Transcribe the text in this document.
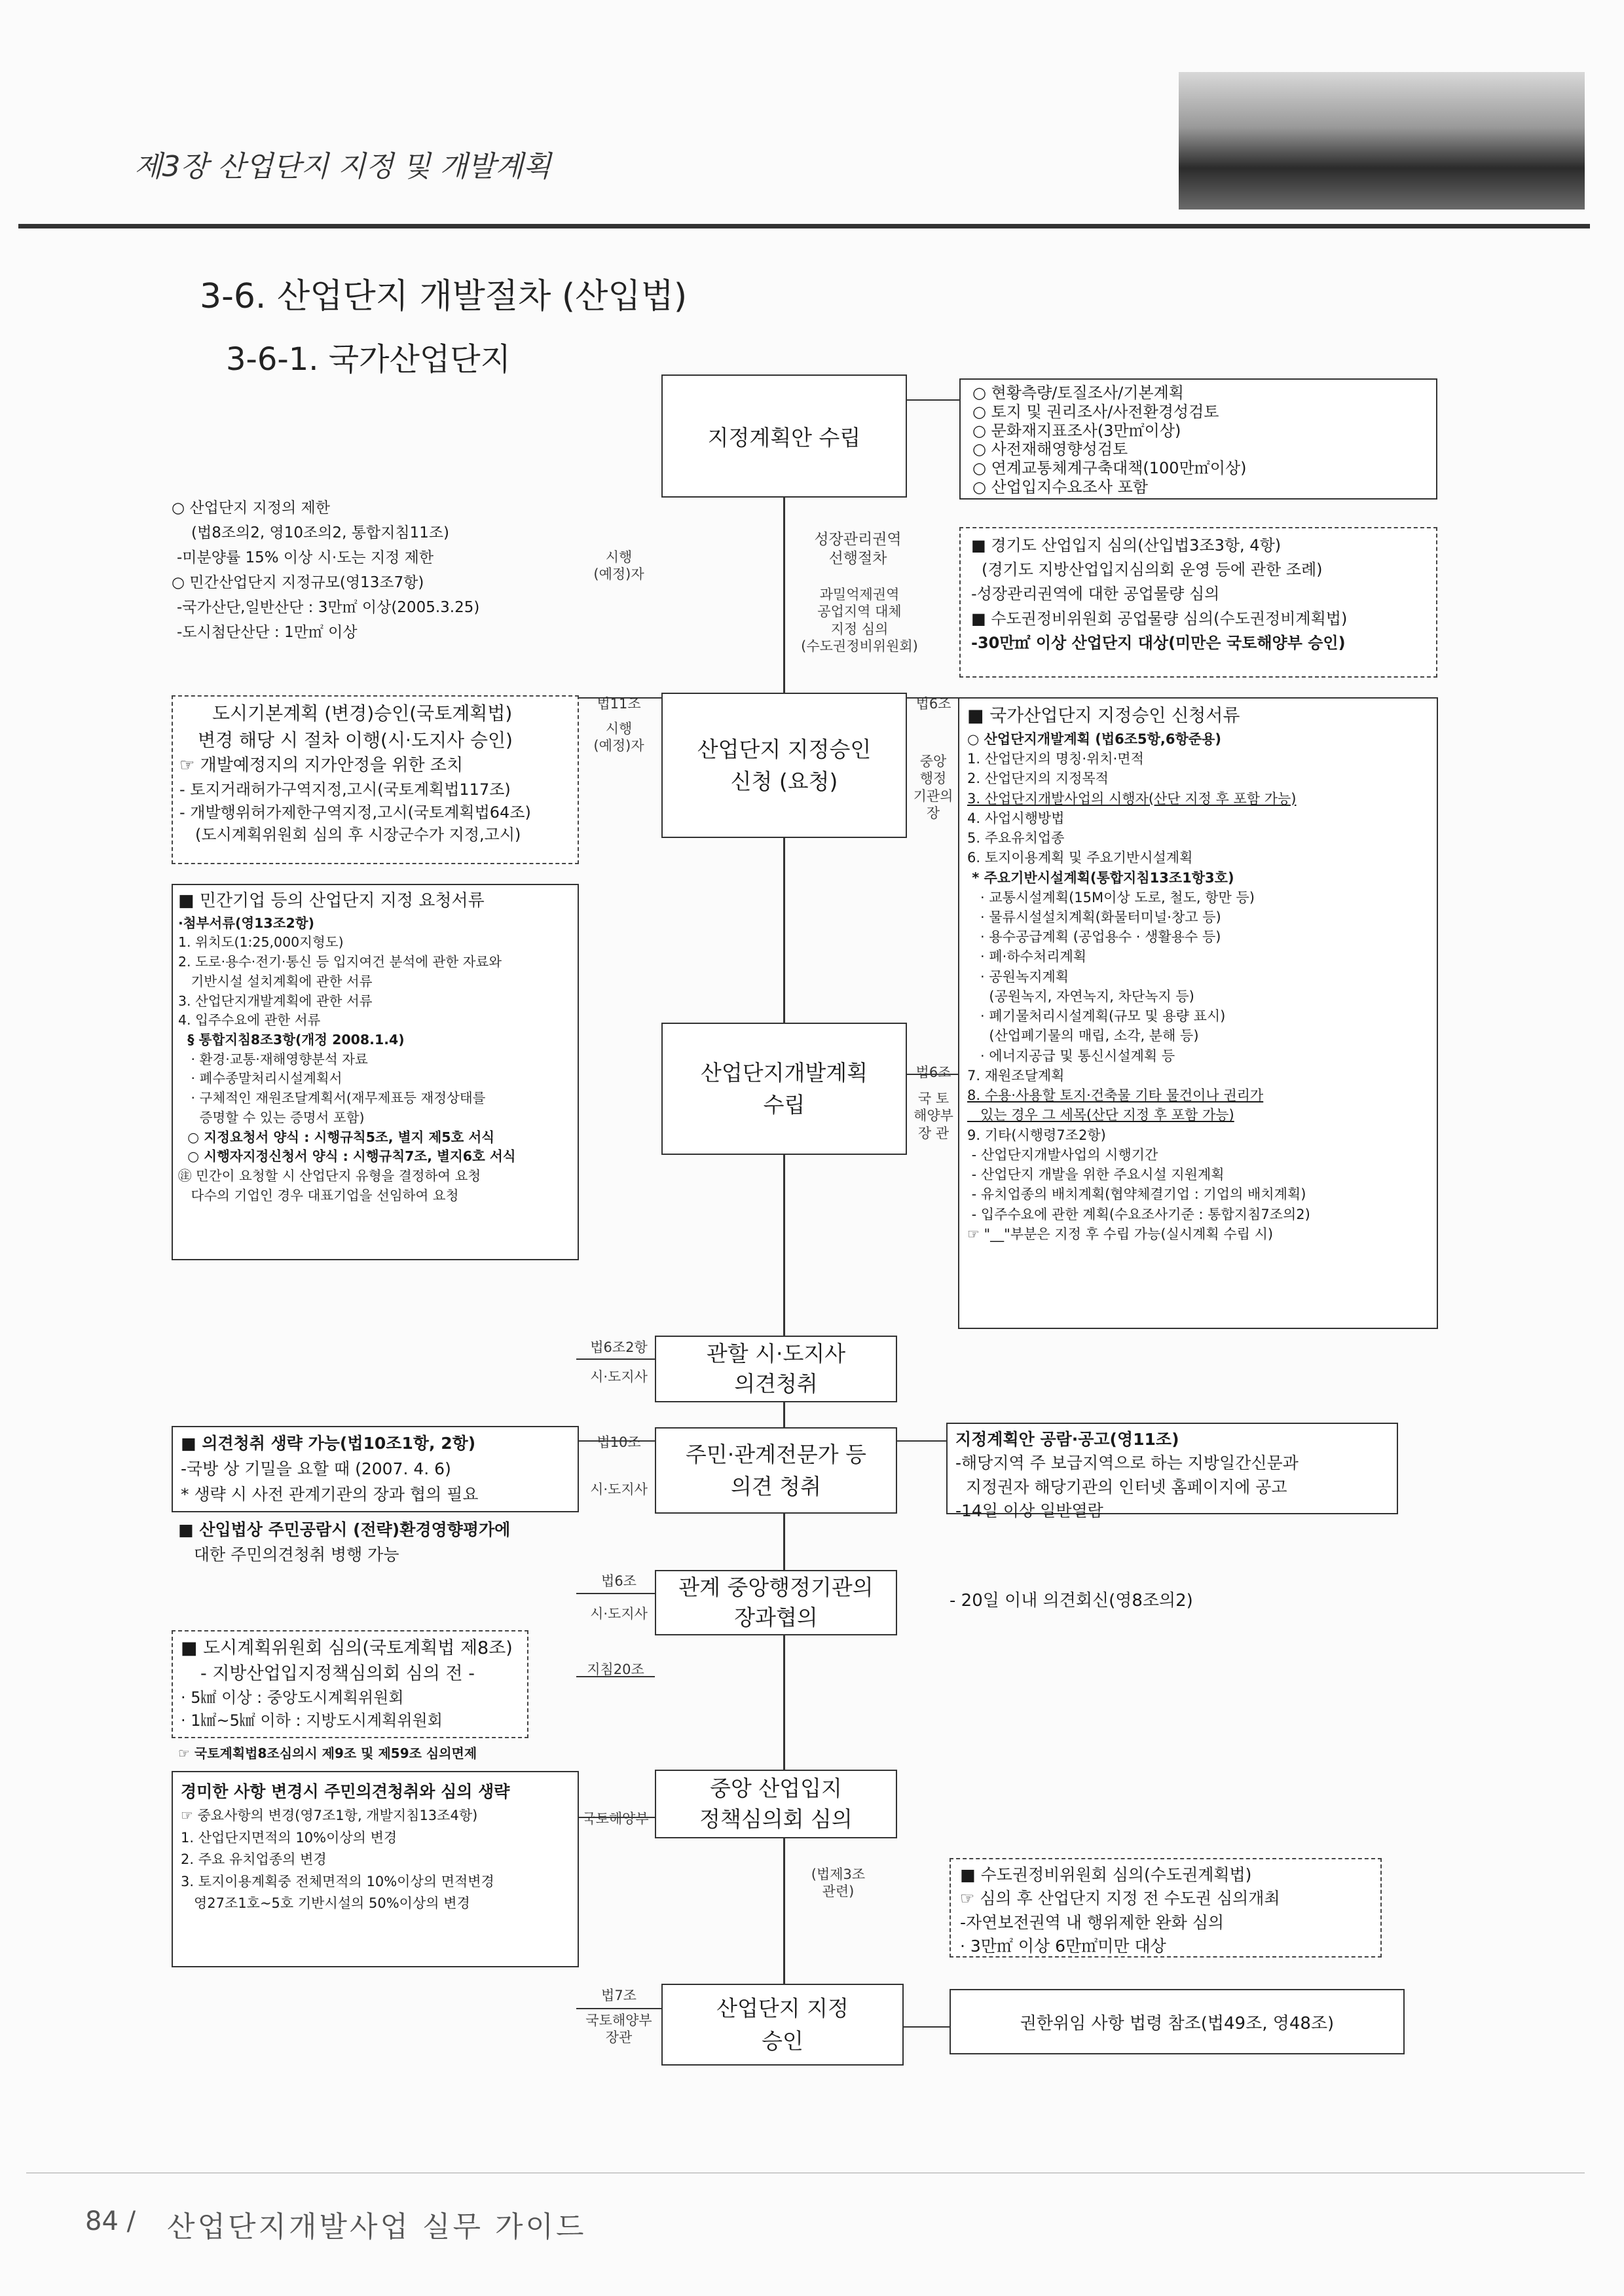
제3장 산업단지 지정 및 개발계획
3-6. 산업단지 개발절차 (산입법)
3-6-1. 국가산업단지
지정계획안 수립
산업단지 지정승인
신청 (요청)
산업단지개발계획
수립
관할 시·도지사
의견청취
주민·관계전문가 등
의견 청취
관계 중앙행정기관의
장과협의
중앙 산업입지
정책심의회 심의
산업단지 지정
승인
○ 현황측량/토질조사/기본계획
○ 토지 및 권리조사/사전환경성검토
○ 문화재지표조사(3만㎡이상)
○ 사전재해영향성검토
○ 연계교통체계구축대책(100만㎡이상)
○ 산업입지수요조사 포함
○ 산업단지 지정의 제한
(법8조의2, 영10조의2, 통합지침11조)
-미분양률 15% 이상 시·도는 지정 제한
○ 민간산업단지 지정규모(영13조7항)
-국가산단,일반산단 : 3만㎡ 이상(2005.3.25)
-도시첨단산단 : 1만㎡ 이상
시행
(예정)자
성장관리권역
선행절차
과밀억제권역
공업지역 대체
지정 심의
(수도권정비위원회)
■ 경기도 산업입지 심의(산입법3조3항, 4항)
(경기도 지방산업입지심의회 운영 등에 관한 조례)
-성장관리권역에 대한 공업물량 심의
■ 수도권정비위원회 공업물량 심의(수도권정비계획법)
-30만㎡ 이상 산업단지 대상(미만은 국토해양부 승인)
도시기본계획 (변경)승인(국토계획법)
변경 해당 시 절차 이행(시·도지사 승인)
☞ 개발예정지의 지가안정을 위한 조치
- 토지거래허가구역지정,고시(국토계획법117조)
- 개발행위허가제한구역지정,고시(국토계획법64조)
(도시계획위원회 심의 후 시장군수가 지정,고시)
법11조
시행
(예정)자
법6조
중앙
행정
기관의
장
■ 민간기업 등의 산업단지 지정 요청서류
·첨부서류(영13조2항)
1. 위치도(1:25,000지형도)
2. 도로·용수·전기·통신 등 입지여건 분석에 관한 자료와
기반시설 설치계획에 관한 서류
3. 산업단지개발계획에 관한 서류
4. 입주수요에 관한 서류
§ 통합지침8조3항(개정 2008.1.4)
· 환경·교통·재해영향분석 자료
· 폐수종말처리시설계획서
· 구체적인 재원조달계획서(재무제표등 재정상태를
증명할 수 있는 증명서 포함)
○ 지정요청서 양식 : 시행규칙5조, 별지 제5호 서식
○ 시행자지정신청서 양식 : 시행규칙7조, 별지6호 서식
㊟ 민간이 요청할 시 산업단지 유형을 결정하여 요청
다수의 기업인 경우 대표기업을 선임하여 요청
■ 국가산업단지 지정승인 신청서류
○ 산업단지개발계획 (법6조5항,6항준용)
1. 산업단지의 명칭·위치·면적
2. 산업단지의 지정목적
3. 산업단지개발사업의 시행자(산단 지정 후 포함 가능)
4. 사업시행방법
5. 주요유치업종
6. 토지이용계획 및 주요기반시설계획
* 주요기반시설계획(통합지침13조1항3호)
· 교통시설계획(15M이상 도로, 철도, 항만 등)
· 물류시설설치계획(화물터미널·창고 등)
· 용수공급계획 (공업용수 · 생활용수 등)
· 폐·하수처리계획
· 공원녹지계획
(공원녹지, 자연녹지, 차단녹지 등)
· 폐기물처리시설계획(규모 및 용량 표시)
(산업폐기물의 매립, 소각, 분해 등)
· 에너지공급 및 통신시설계획 등
7. 재원조달계획
8. 수용·사용할 토지·건축물 기타 물건이나 권리가
있는 경우 그 세목(산단 지정 후 포함 가능)
9. 기타(시행령7조2항)
- 산업단지개발사업의 시행기간
- 산업단지 개발을 위한 주요시설 지원계획
- 유치업종의 배치계획(협약체결기업 : 기업의 배치계획)
- 입주수요에 관한 계획(수요조사기준 : 통합지침7조의2)
☞ "__"부분은 지정 후 수립 가능(실시계획 수립 시)
법6조
국 토
해양부
장 관
법6조2항
시·도지사
■ 의견청취 생략 가능(법10조1항, 2항)
-국방 상 기밀을 요할 때 (2007. 4. 6)
* 생략 시 사전 관계기관의 장과 협의 필요
■ 산입법상 주민공람시 (전략)환경영향평가에
대한 주민의견청취 병행 가능
법10조
시·도지사
지정계획안 공람·공고(영11조)
-해당지역 주 보급지역으로 하는 지방일간신문과
지정권자 해당기관의 인터넷 홈페이지에 공고
-14일 이상 일반열람
법6조
시·도지사
- 20일 이내 의견회신(영8조의2)
■ 도시계획위원회 심의(국토계획법 제8조)
- 지방산업입지정책심의회 심의 전 -
· 5㎢ 이상 : 중앙도시계획위원회
· 1㎢~5㎢ 이하 : 지방도시계획위원회
☞ 국토계획법8조심의시 제9조 및 제59조 심의면제
지침20조
경미한 사항 변경시 주민의견청취와 심의 생략
☞ 중요사항의 변경(영7조1항, 개발지침13조4항)
1. 산업단지면적의 10%이상의 변경
2. 주요 유치업종의 변경
3. 토지이용계획중 전체면적의 10%이상의 면적변경
영27조1호~5호 기반시설의 50%이상의 변경
국토해양부
(법제3조
관련)
■ 수도권정비위원회 심의(수도권계획법)
☞ 심의 후 산업단지 지정 전 수도권 심의개최
-자연보전권역 내 행위제한 완화 심의
· 3만㎡ 이상 6만㎡미만 대상
법7조
국토해양부
장관
권한위임 사항 법령 참조(법49조, 영48조)
84 / 산업단지개발사업 실무 가이드
